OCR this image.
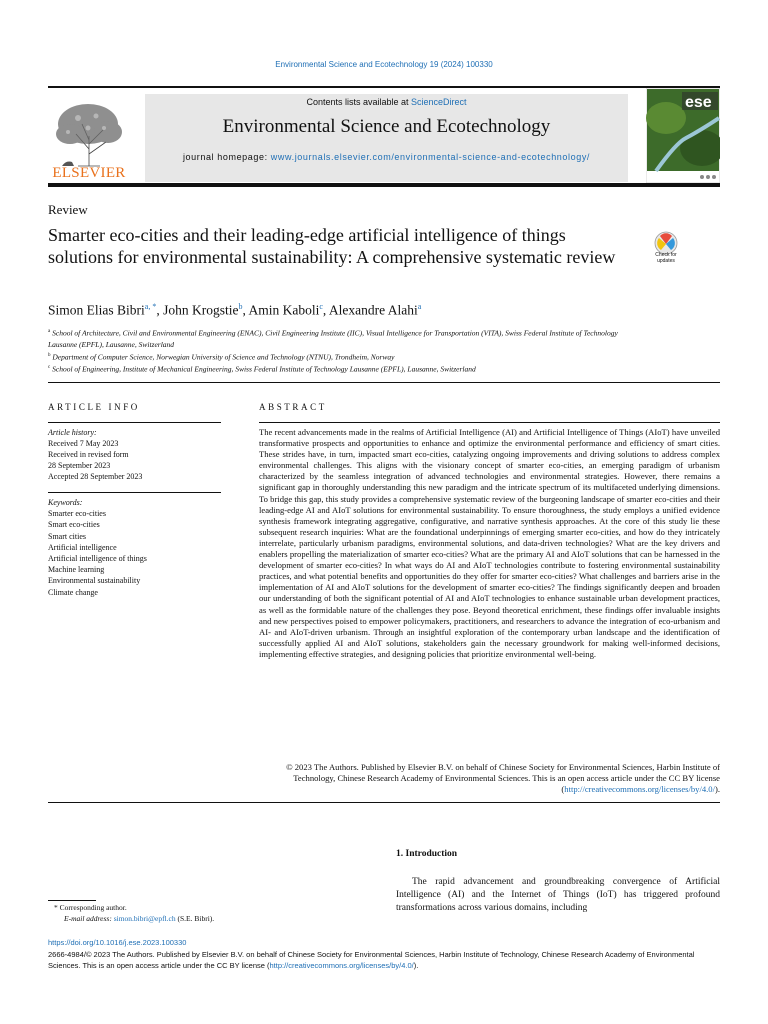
Environmental Science and Ecotechnology 19 (2024) 100330
ELSEVIER
Contents lists available at ScienceDirect
Environmental Science and Ecotechnology
journal homepage: www.journals.elsevier.com/environmental-science-and-ecotechnology/
ese
Review
Smarter eco-cities and their leading-edge artificial intelligence of things solutions for environmental sustainability: A comprehensive systematic review	Check for updates
Simon Elias Bibri$^{a, *}$, John Krogstie$^b$, Amin Kaboli$^c$, Alexandre Alahi$^a$
$^a$ School of Architecture, Civil and Environmental Engineering (ENAC), Civil Engineering Institute (IIC), Visual Intelligence for Transportation (VITA), Swiss Federal Institute of Technology Lausanne (EPFL), Lausanne, Switzerland
$^b$ Department of Computer Science, Norwegian University of Science and Technology (NTNU), Trondheim, Norway
$^c$ School of Engineering, Institute of Mechanical Engineering, Swiss Federal Institute of Technology Lausanne (EPFL), Lausanne, Switzerland
ARTICLE INFO	ABSTRACT
Article history:
Received 7 May 2023
Received in revised form
28 September 2023
Accepted 28 September 2023
Keywords:
Smarter eco-cities
Smart eco-cities
Smart cities
Artificial intelligence
Artificial intelligence of things
Machine learning
Environmental sustainability
Climate change

The recent advancements made in the realms of Artificial Intelligence (AI) and Artificial Intelligence of Things (AIoT) have unveiled transformative prospects and opportunities to enhance and optimize the environmental performance and efficiency of smart cities. These strides have, in turn, impacted smart eco-cities, catalyzing ongoing improvements and driving solutions to address complex environmental challenges. This aligns with the visionary concept of smarter eco-cities, an emerging paradigm of urbanism characterized by the seamless integration of advanced technologies and environmental strategies. However, there remains a significant gap in thoroughly understanding this new paradigm and the intricate spectrum of its multifaceted underlying dimensions. To bridge this gap, this study provides a comprehensive systematic review of the burgeoning landscape of smarter eco-cities and their leading-edge AI and AIoT solutions for environmental sustainability. To ensure thoroughness, the study employs a unified evidence synthesis framework integrating aggregative, configurative, and narrative synthesis approaches. At the core of this study lie these subsequent research inquiries: What are the foundational underpinnings of emerging smarter eco-cities, and how do they intricately interrelate, particularly urbanism paradigms, environmental solutions, and data-driven technologies? What are the key drivers and enablers propelling the materialization of smarter eco-cities? What are the primary AI and AIoT solutions that can be harnessed in the development of smarter eco-cities? In what ways do AI and AIoT technologies contribute to fostering environmental sustainability practices, and what potential benefits and opportunities do they offer for smarter eco-cities? What challenges and barriers arise in the implementation of AI and AIoT solutions for the development of smarter eco-cities? The findings significantly deepen and broaden our understanding of both the significant potential of AI and AIoT technologies to enhance sustainable urban development practices, as well as the formidable nature of the challenges they pose. Beyond theoretical enrichment, these findings offer invaluable insights and new perspectives poised to empower policymakers, practitioners, and researchers to advance the integration of eco-urbanism and AI- and AIoT-driven urbanism. Through an insightful exploration of the contemporary urban landscape and the identification of successfully applied AI and AIoT solutions, stakeholders gain the necessary groundwork for making well-informed decisions, implementing effective strategies, and designing policies that prioritize environmental well-being.

© 2023 The Authors. Published by Elsevier B.V. on behalf of Chinese Society for Environmental Sciences, Harbin Institute of Technology, Chinese Research Academy of Environmental Sciences. This is an open access article under the CC BY license (http://creativecommons.org/licenses/by/4.0/).

1. Introduction

The rapid advancement and groundbreaking convergence of Artificial Intelligence (AI) and the Internet of Things (IoT) has triggered profound transformations across various domains, including

* Corresponding author.
E-mail address: simon.bibri@epfl.ch (S.E. Bibri).
https://doi.org/10.1016/j.ese.2023.100330
2666-4984/© 2023 The Authors. Published by Elsevier B.V. on behalf of Chinese Society for Environmental Sciences, Harbin Institute of Technology, Chinese Research Academy of Environmental Sciences. This is an open access article under the CC BY license (http://creativecommons.org/licenses/by/4.0/).
